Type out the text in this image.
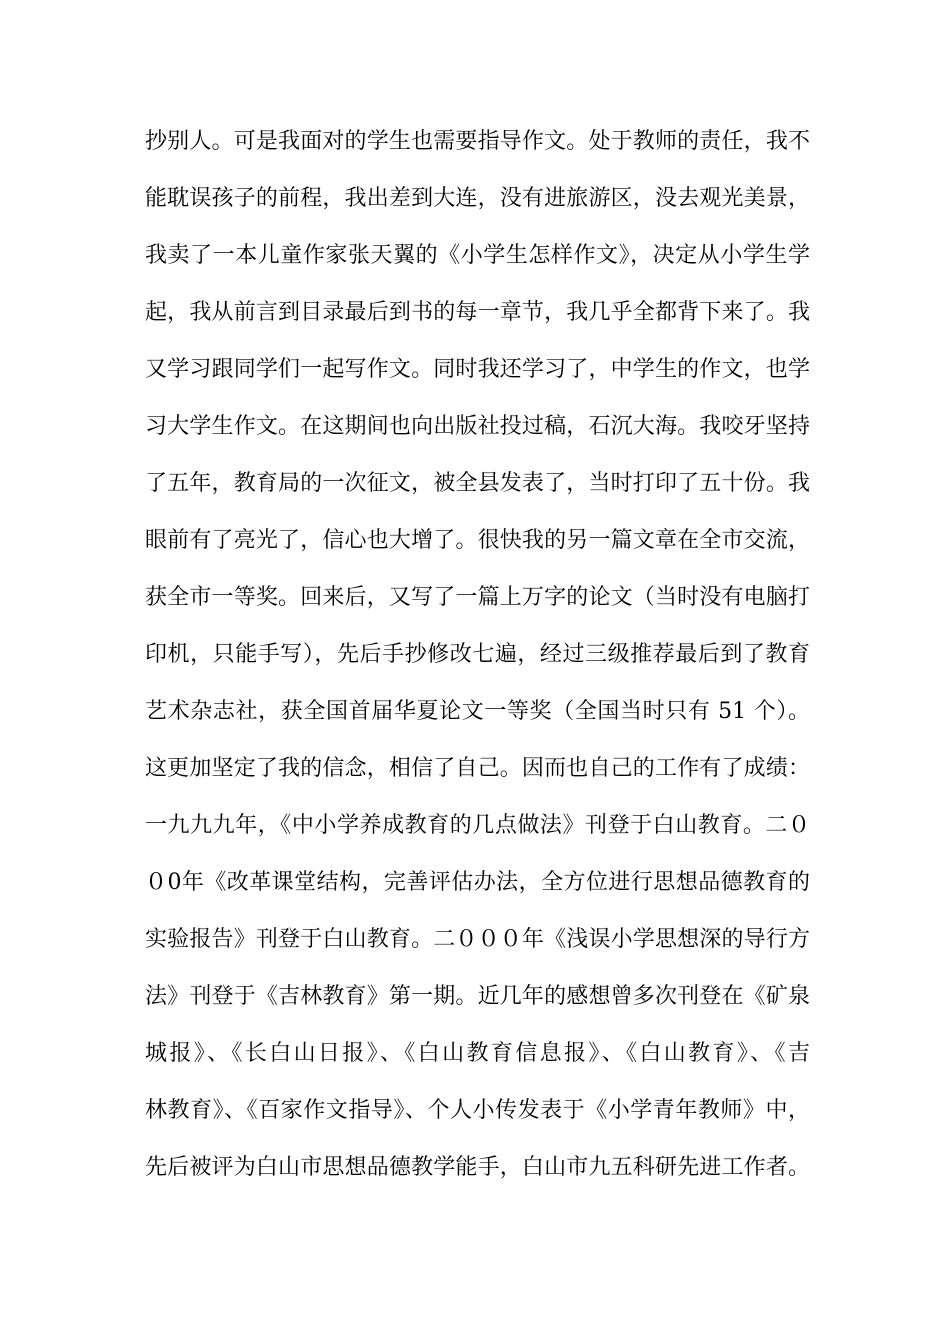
抄别人。可是我面对的学生也需要指导作文。处于教师的责任，我不
能耽误孩子的前程，我出差到大连，没有进旅游区，没去观光美景，
我卖了一本儿童作家张天翼的《小学生怎样作文》，决定从小学生学
起，我从前言到目录最后到书的每一章节，我几乎全都背下来了。我
又学习跟同学们一起写作文。同时我还学习了，中学生的作文，也学
习大学生作文。在这期间也向出版社投过稿，石沉大海。我咬牙坚持
了五年，教育局的一次征文，被全县发表了，当时打印了五十份。我
眼前有了亮光了，信心也大增了。很快我的另一篇文章在全市交流，
获全市一等奖。回来后，又写了一篇上万字的论文（当时没有电脑打
印机，只能手写），先后手抄修改七遍，经过三级推荐最后到了教育
艺术杂志社，获全国首届华夏论文一等奖（全国当时只有 51 个）。
这更加坚定了我的信念，相信了自己。因而也自己的工作有了成绩：
一九九九年，《中小学养成教育的几点做法》刊登于白山教育。二０
０0年《改革课堂结构，完善评估办法，全方位进行思想品德教育的
实验报告》刊登于白山教育。二０００年《浅误小学思想深的导行方
法》刊登于《吉林教育》第一期。近几年的感想曾多次刊登在《矿泉
城报》、《长白山日报》、《白山教育信息报》、《白山教育》、《吉
林教育》、《百家作文指导》、个人小传发表于《小学青年教师》中，
先后被评为白山市思想品德教学能手，白山市九五科研先进工作者。
